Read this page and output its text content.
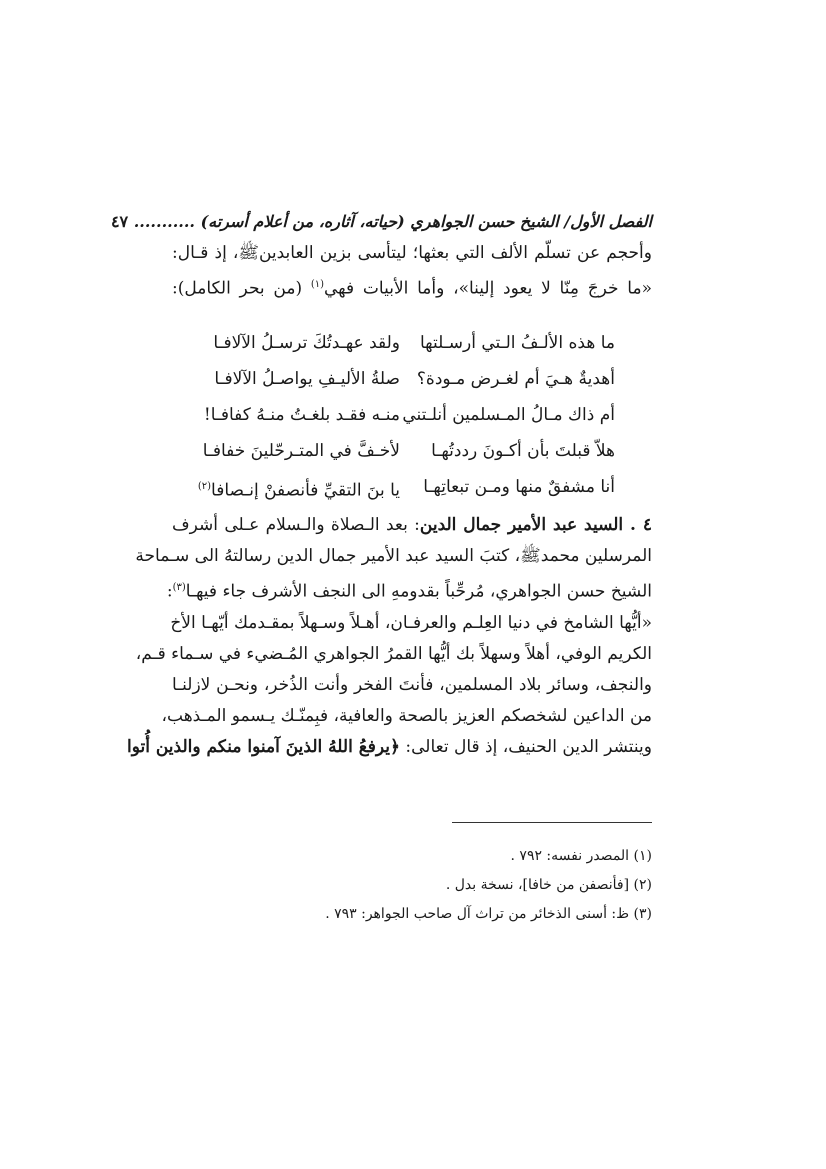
الفصل الأول/ الشيخ حسن الجواهري (حياته، آثاره، من أعلام أسرته) ........... ٤٧
وأحجم عن تسلّم الألف التي بعثها؛ ليتأسى بزين العابدينﷺ، إذ قـال:
«ما خرجَ مِنّا لا يعود إلينا»، وأما الأبيات فهي$^{(١)}$ (من بحر الكامل):
ما هذه الألـفُ الـتي أرسـلتها
ولقد عهـدتُكَ ترسـلُ الآلافـا
أهديةٌ هـيَ أم لغـرض مـودة؟
صلةُ الأليـفِ يواصـلُ الآلافـا
أم ذاك مـالُ المـسلمين أنلـتني
منـه فقـد بلغـتُ منـهُ كفافـا!
هلاّ قبلتَ بأن أكـونَ رددتُهـا
لأخـفَّ في المتـرحّلينَ خفافـا
أنا مشفقٌ منها ومـن تبعاتِهـا
يا بنَ التقيِّ فأنصفنْ إنـصافا$^{(٢)}$
٤ . السيد عبد الأمير جمال الدين: بعد الـصلاة والـسلام عـلى أشرف
المرسلين محمدﷺ، كتبَ السيد عبد الأمير جمال الدين رسالتهُ الى سـماحة
الشيخ حسن الجواهري، مُرحِّباً بقدومهِ الى النجف الأشرف جاء فيهـا$^{(٣)}$:
«أيُّها الشامخ في دنيا العِلـم والعرفـان، أهـلاً وسـهلاً بمقـدمك أيّهـا الأخ
الكريم الوفي، أهلاً وسهلاً بك أيُّها القمرُ الجواهري المُـضيء في سـماء قـم،
والنجف، وسائر بلاد المسلمين، فأنتَ الفخر وأنت الذُخر، ونحـن لازلنـا
من الداعين لشخصكم العزيز بالصحة والعافية، فبِمنّـك يـسمو المـذهب،
وينتشر الدين الحنيف، إذ قال تعالى: ﴿يرفعُ اللهُ الذينَ آمنوا منكم والذين أُتوا
(١) المصدر نفسه: ٧٩٢ .
(٢) [فأنصفن من خافا]، نسخة بدل .
(٣) ظ: أسنى الذخائر من تراث آل صاحب الجواهر: ٧٩٣ .
